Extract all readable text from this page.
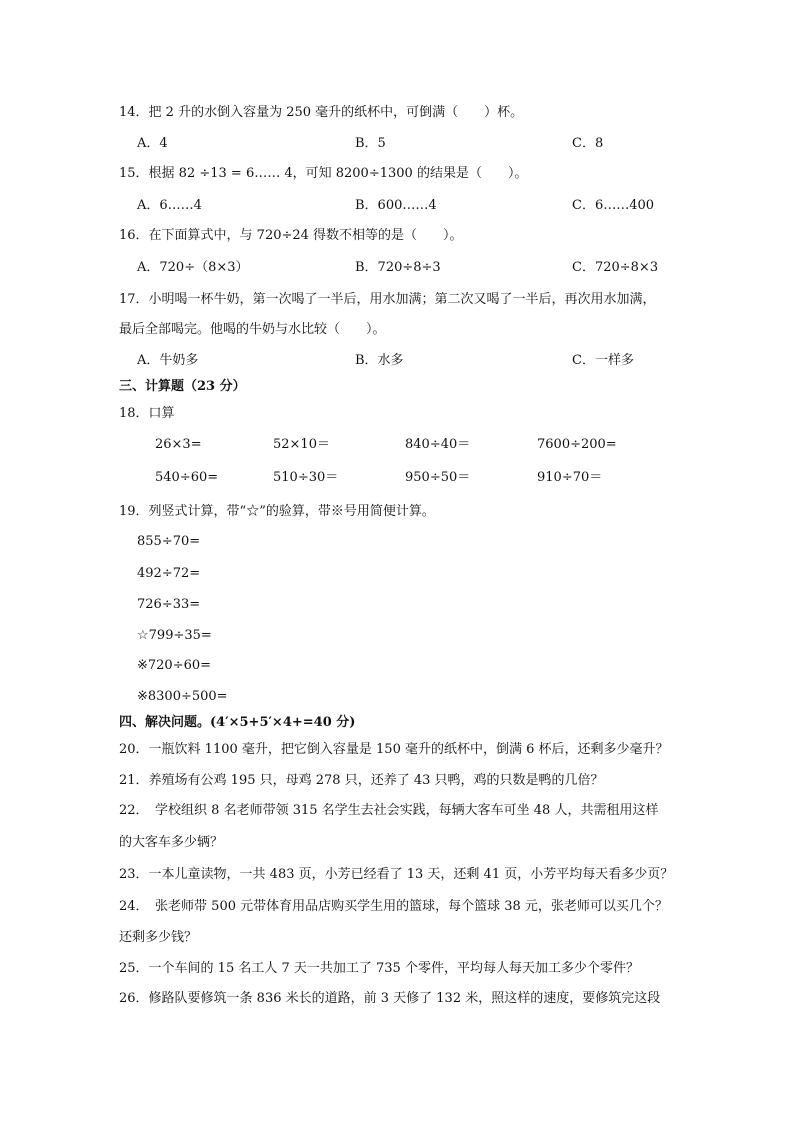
14．把 2 升的水倒入容量为 250 毫升的纸杯中，可倒满（　　）杯。
A．4	B．5	C．8
15．根据 82 ÷13 = 6…… 4，可知 8200÷1300 的结果是（　　）。
A．6……4	B．600……4	C．6……400
16．在下面算式中，与 720÷24 得数不相等的是（　　）。
A．720÷（8×3）	B．720÷8÷3	C．720÷8×3
17．小明喝一杯牛奶，第一次喝了一半后，用水加满；第二次又喝了一半后，再次用水加满，
最后全部喝完。他喝的牛奶与水比较（　　）。
A．牛奶多	B．水多	C．一样多
三、计算题（23 分）
18．口算
26×3=	52×10＝	840÷40＝	7600÷200=
540÷60=	510÷30＝	950÷50＝	910÷70＝
19．列竖式计算，带“☆”的验算，带※号用简便计算。
855÷70=
492÷72=
726÷33=
☆799÷35=
※720÷60=
※8300÷500=
四、解决问题。(4′×5+5′×4+=40 分)
20．一瓶饮料 1100 毫升，把它倒入容量是 150 毫升的纸杯中，倒满 6 杯后，还剩多少毫升？
21．养殖场有公鸡 195 只，母鸡 278 只，还养了 43 只鸭，鸡的只数是鸭的几倍？
22．　学校组织 8 名老师带领 315 名学生去社会实践，每辆大客车可坐 48 人，共需租用这样
的大客车多少辆？
23．一本儿童读物，一共 483 页，小芳已经看了 13 天，还剩 41 页，小芳平均每天看多少页？
24．　张老师带 500 元带体育用品店购买学生用的篮球，每个篮球 38 元，张老师可以买几个？
还剩多少钱？
25．一个车间的 15 名工人 7 天一共加工了 735 个零件，平均每人每天加工多少个零件？
26．修路队要修筑一条 836 米长的道路，前 3 天修了 132 米，照这样的速度，要修筑完这段
